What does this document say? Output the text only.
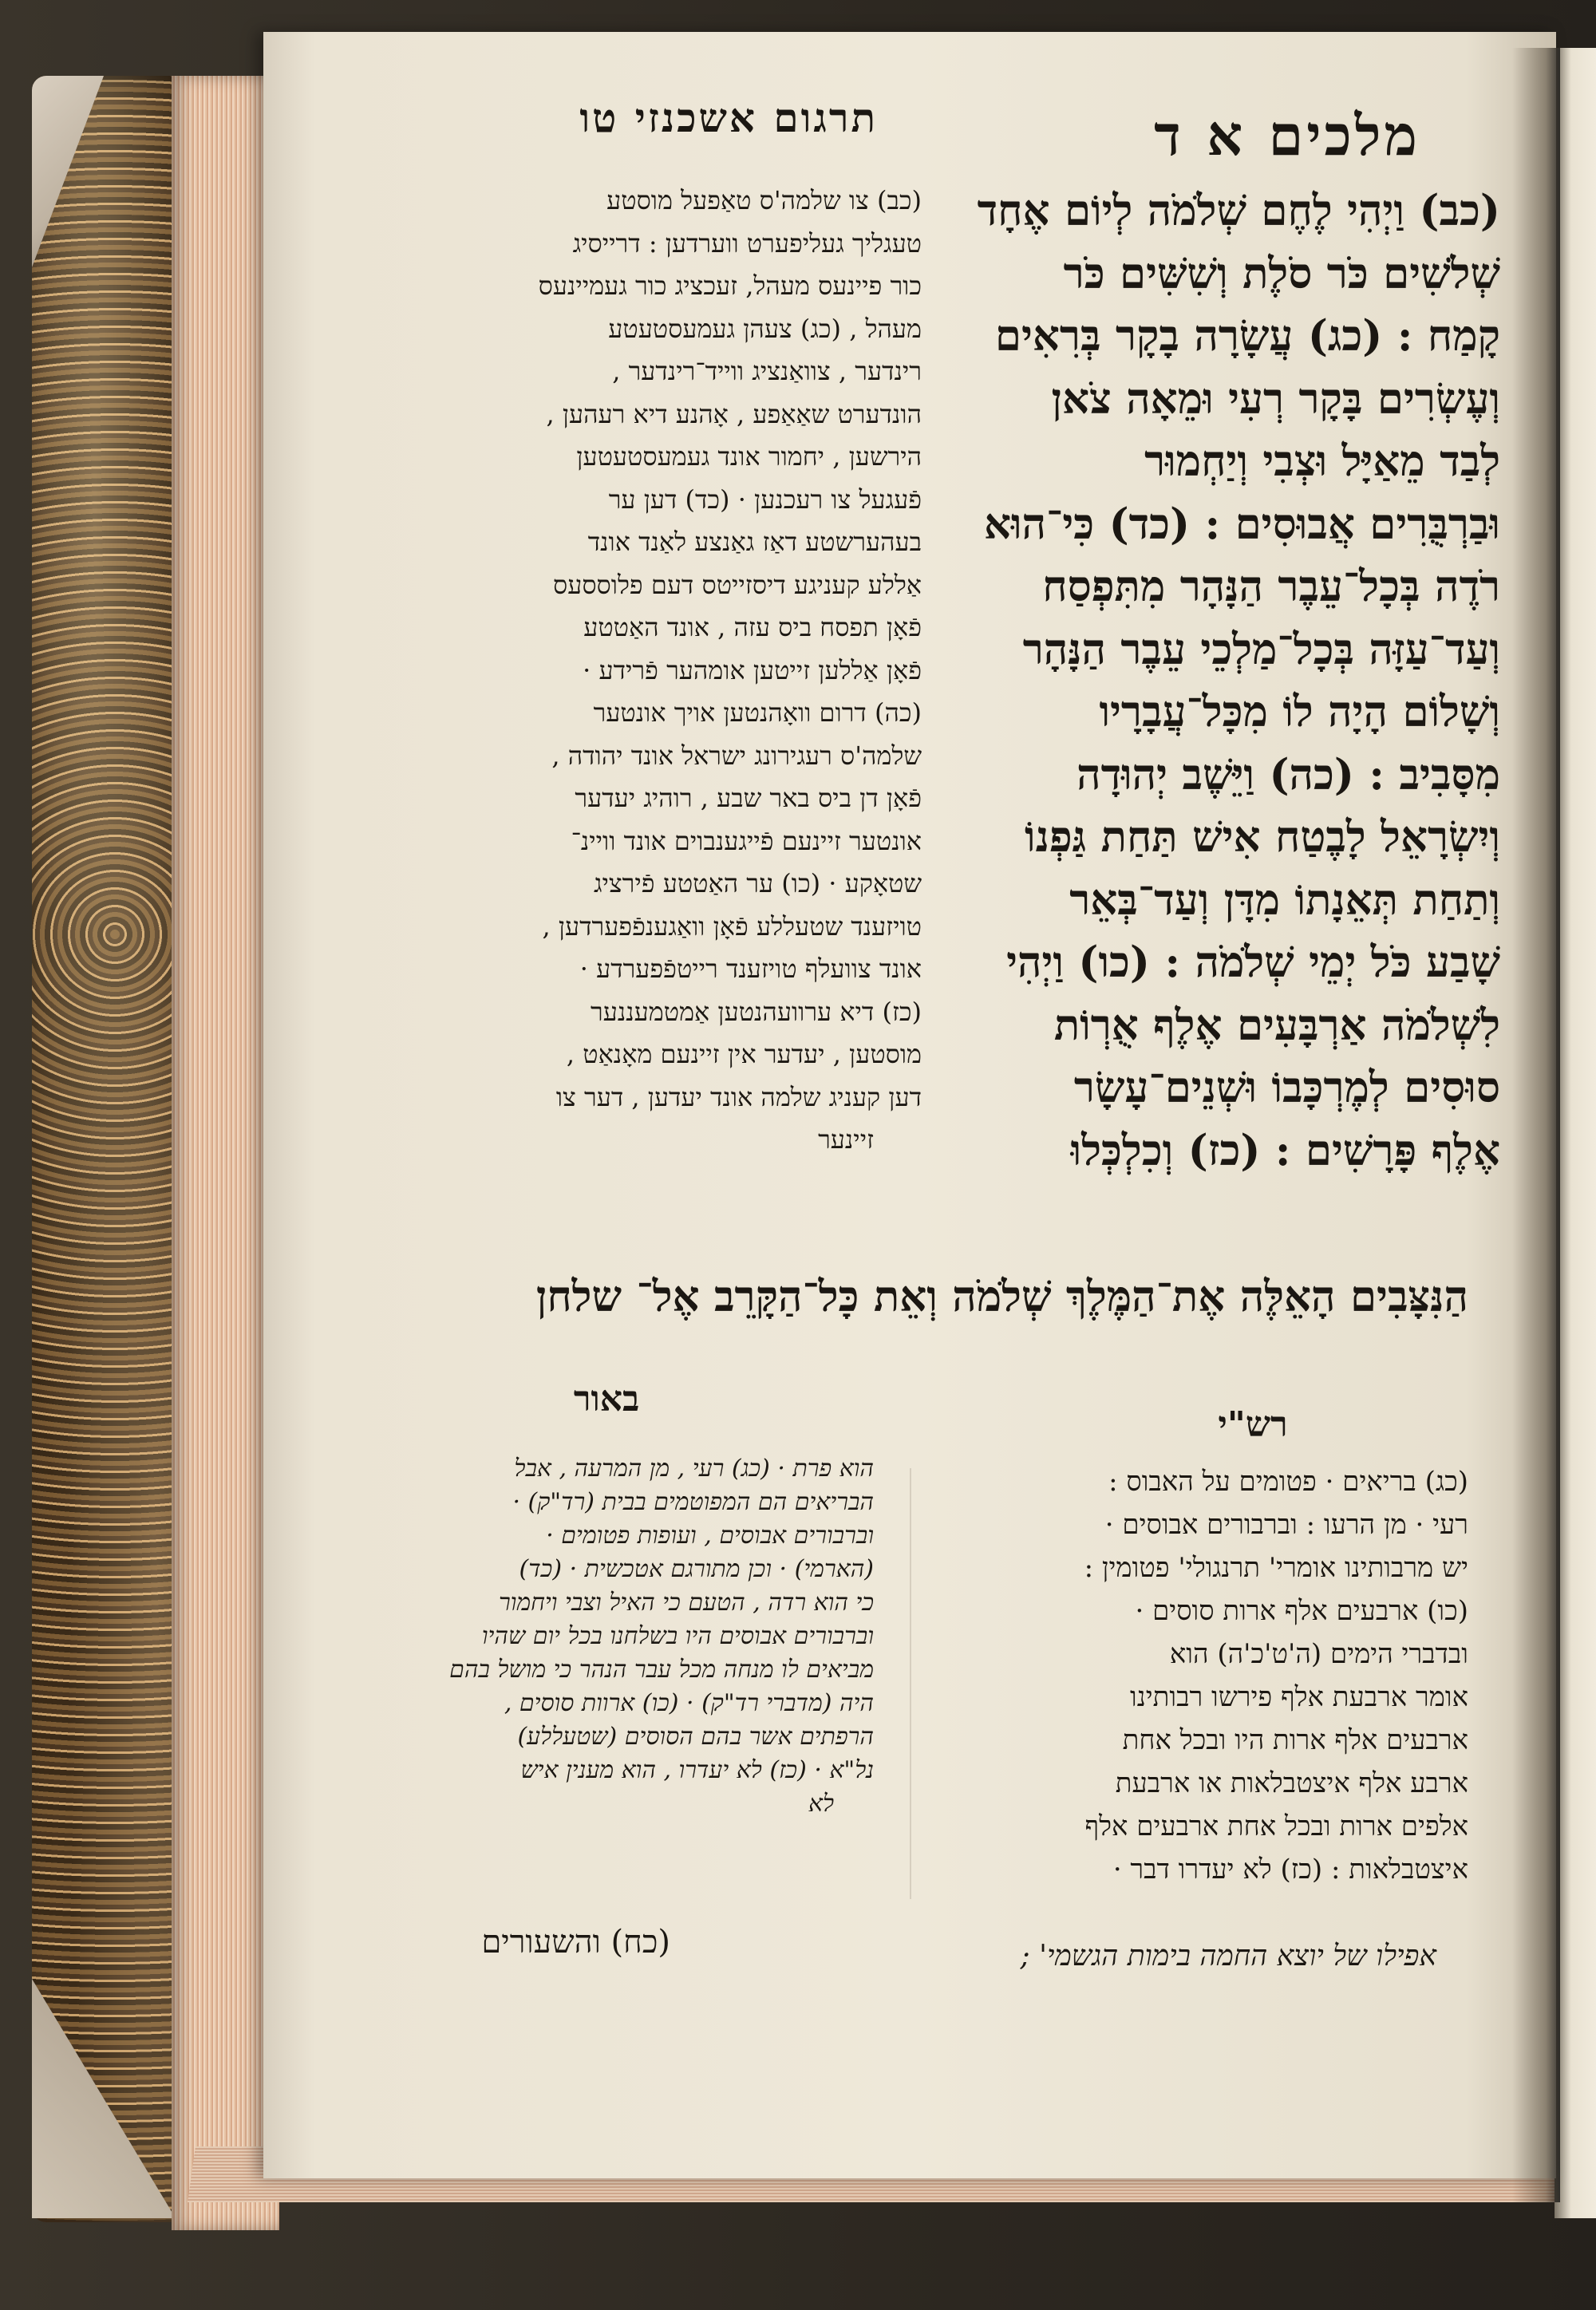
מלכים א ד
תרגום אשכנזי טו
(כב) וַיְהִי לֶחֶם שְׁלֹמֹה לְיוֹם אֶחָד
שְׁלֹשִׁים כֹּר סֹלֶת וְשִׁשִּׁים כֹּר
קָמַח : (כג) עֲשָׂרָה בָקָר בְּרִאִים
וְעֶשְׂרִים בָּקָר רְעִי וּמֵאָה צֹאן
לְבַד מֵאַיָּל וּצְבִי וְיַחְמוּר
וּבַרְבֻּרִים אֲבוּסִים : (כד) כִּי־הוּא
רֹדֶה בְּכָל־עֵבֶר הַנָּהָר מִתִּפְסַח
וְעַד־עַזָּה בְּכָל־מַלְכֵי עֵבֶר הַנָּהָר
וְשָׁלוֹם הָיָה לוֹ מִכָּל־עֲבָרָיו
מִסָּבִיב : (כה) וַיֵּשֶׁב יְהוּדָה
וְיִשְׂרָאֵל לָבֶטַח אִישׁ תַּחַת גַּפְנוֹ
וְתַחַת תְּאֵנָתוֹ מִדָּן וְעַד־בְּאֵר
שָׁבַע כֹּל יְמֵי שְׁלֹמֹה : (כו) וַיְהִי
לִשְׁלֹמֹה אַרְבָּעִים אֶלֶף אֻרְוֹת
סוּסִים לְמֶרְכָּבוֹ וּשְׁנֵים־עָשָׂר
אֶלֶף פָּרָשִׁים : (כז) וְכִלְכְּלוּ
(כב) צו שלמה'ס טאַפעל מוסטע
טעגליך געליפערט ווערדען : דרייסיג
כור פיינעס מעהל, זעכציג כור געמיינעס
מעהל , (כג) צעהן געמעסטעטע
רינדער , צוואַנציג ווייד־רינדער ,
הונדערט שאַאַפע , אָהנע דיא רעהען ,
הירשען , יחמור אונד געמעסטעטען
פֿעגעל צו רעכנען · (כד) דען ער
בעהערשטע דאַז גאַנצע לאַנד אונד
אַללע קעניגע דיסזייטס דעם פלוססעס
פֿאָן תפסח ביס עזה , אונד האַטטע
פֿאָן אַללען זייטען אומהער פֿרידע ·
(כה) דרום וואָהנטען אויך אונטער
שלמה'ס רעגירונג ישראל אונד יהודה ,
פֿאָן דן ביס באר שבע , רוהיג יעדער
אונטער זיינעם פֿייגענבוים אונד וויינ־
שטאָקע · (כו) ער האַטטע פֿירציג
טויזענד שטעללע פֿאָן וואַגענפֿפערדען ,
אונד צוועלף טויזענד רייטפֿפערדע ·
(כז) דיא ערוועהנטען אַמטמעננער
מוסטען , יעדער אין זיינעם מאָנאַט ,
דען קעניג שלמה אונד יעדען , דער צו
זיינער
הַנִּצָּבִים הָאֵלֶּה אֶת־הַמֶּלֶךְ שְׁלֹמֹה וְאֵת כָּל־הַקָּרֵב אֶל־ שלחן
רש"י
באור
(כג) בריאים · פטומים על האבוס :
רעי · מן הרעו : וברבורים אבוסים ·
יש מרבותינו אומרי' תרנגולי' פטומין :
(כו) ארבעים אלף ארות סוסים ·
ובדברי הימים (ה'ט'כ'ה) הוא
אומר ארבעת אלף פירשו רבותינו
ארבעים אלף ארות היו ובכל אחת
ארבע אלף איצטבלאות או ארבעת
אלפים ארות ובכל אחת ארבעים אלף
איצטבלאות : (כז) לא יעדרו דבר ·
הוא פרת · (כג) רעי , מן המרעה , אבל
הבריאים הם המפוטמים בבית (רד"ק) ·
וברבורים אבוסים , ועופות פטומים ·
(הארמי) · וכן מתורגם אטכשית · (כד)
כי הוא רדה , הטעם כי האיל וצבי ויחמור
וברבורים אבוסים היו בשלחנו בכל יום שהיו
מביאים לו מנחה מכל עבר הנהר כי מושל בהם
היה (מדברי רד"ק) · (כו) ארוות סוסים ,
הרפתים אשר בהם הסוסים (שטעללע)
נל"א · (כז) לא יעדרו , הוא מענין איש
לא
אפילו של יוצא החמה בימות הגשמי' ;
(כח) והשעורים
